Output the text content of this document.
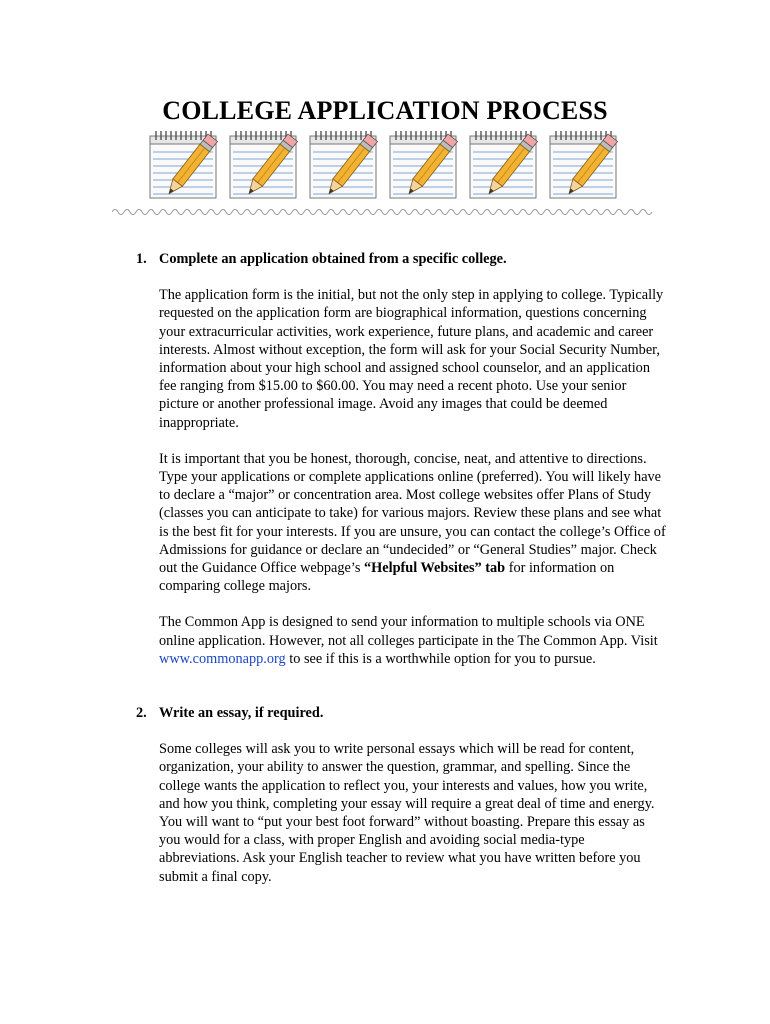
COLLEGE APPLICATION PROCESS
1. Complete an application obtained from a specific college.

The application form is the initial, but not the only step in applying to college. Typically requested on the application form are biographical information, questions concerning your extracurricular activities, work experience, future plans, and academic and career interests. Almost without exception, the form will ask for your Social Security Number, information about your high school and assigned school counselor, and an application fee ranging from $15.00 to $60.00. You may need a recent photo. Use your senior picture or another professional image. Avoid any images that could be deemed inappropriate.

It is important that you be honest, thorough, concise, neat, and attentive to directions. Type your applications or complete applications online (preferred). You will likely have to declare a “major” or concentration area. Most college websites offer Plans of Study (classes you can anticipate to take) for various majors. Review these plans and see what is the best fit for your interests. If you are unsure, you can contact the college’s Office of Admissions for guidance or declare an “undecided” or “General Studies” major. Check out the Guidance Office webpage’s “Helpful Websites” tab for information on comparing college majors.

The Common App is designed to send your information to multiple schools via ONE online application. However, not all colleges participate in the The Common App. Visit www.commonapp.org to see if this is a worthwhile option for you to pursue.

2. Write an essay, if required.

Some colleges will ask you to write personal essays which will be read for content, organization, your ability to answer the question, grammar, and spelling. Since the college wants the application to reflect you, your interests and values, how you write, and how you think, completing your essay will require a great deal of time and energy. You will want to “put your best foot forward” without boasting. Prepare this essay as you would for a class, with proper English and avoiding social media-type abbreviations. Ask your English teacher to review what you have written before you submit a final copy.
